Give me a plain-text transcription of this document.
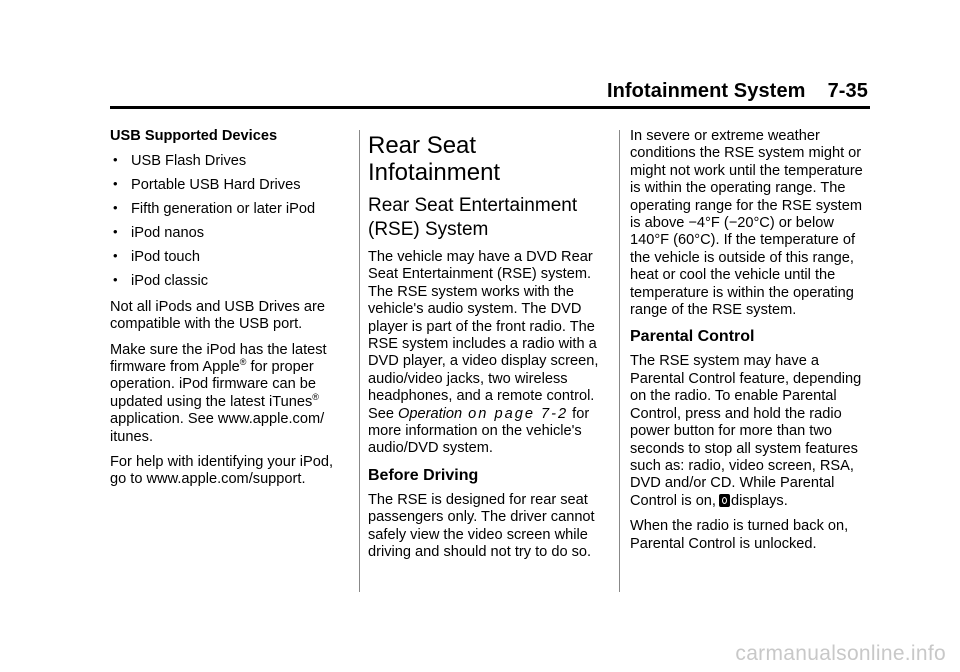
Infotainment System 7-35

USB Supported Devices

• USB Flash Drives
• Portable USB Hard Drives
• Fifth generation or later iPod
• iPod nanos
• iPod touch
• iPod classic

Not all iPods and USB Drives are compatible with the USB port.

Make sure the iPod has the latest firmware from Apple® for proper operation. iPod firmware can be updated using the latest iTunes® application. See www.apple.com/ itunes.

For help with identifying your iPod, go to www.apple.com/support.

Rear Seat Infotainment
Rear Seat Entertainment (RSE) System

The vehicle may have a DVD Rear Seat Entertainment (RSE) system. The RSE system works with the vehicle's audio system. The DVD player is part of the front radio. The RSE system includes a radio with a DVD player, a video display screen, audio/video jacks, two wireless headphones, and a remote control. See Operation on page 7‑2 for more information on the vehicle's audio/DVD system.

Before Driving

The RSE is designed for rear seat passengers only. The driver cannot safely view the video screen while driving and should not try to do so.

In severe or extreme weather conditions the RSE system might or might not work until the temperature is within the operating range. The operating range for the RSE system is above −4°F (−20°C) or below 140°F (60°C). If the temperature of the vehicle is outside of this range, heat or cool the vehicle until the temperature is within the operating range of the RSE system.

Parental Control

The RSE system may have a Parental Control feature, depending on the radio. To enable Parental Control, press and hold the radio power button for more than two seconds to stop all system features such as: radio, video screen, RSA, DVD and/or CD. While Parental Control is on, displays.

When the radio is turned back on, Parental Control is unlocked.

carmanualsonline.info
